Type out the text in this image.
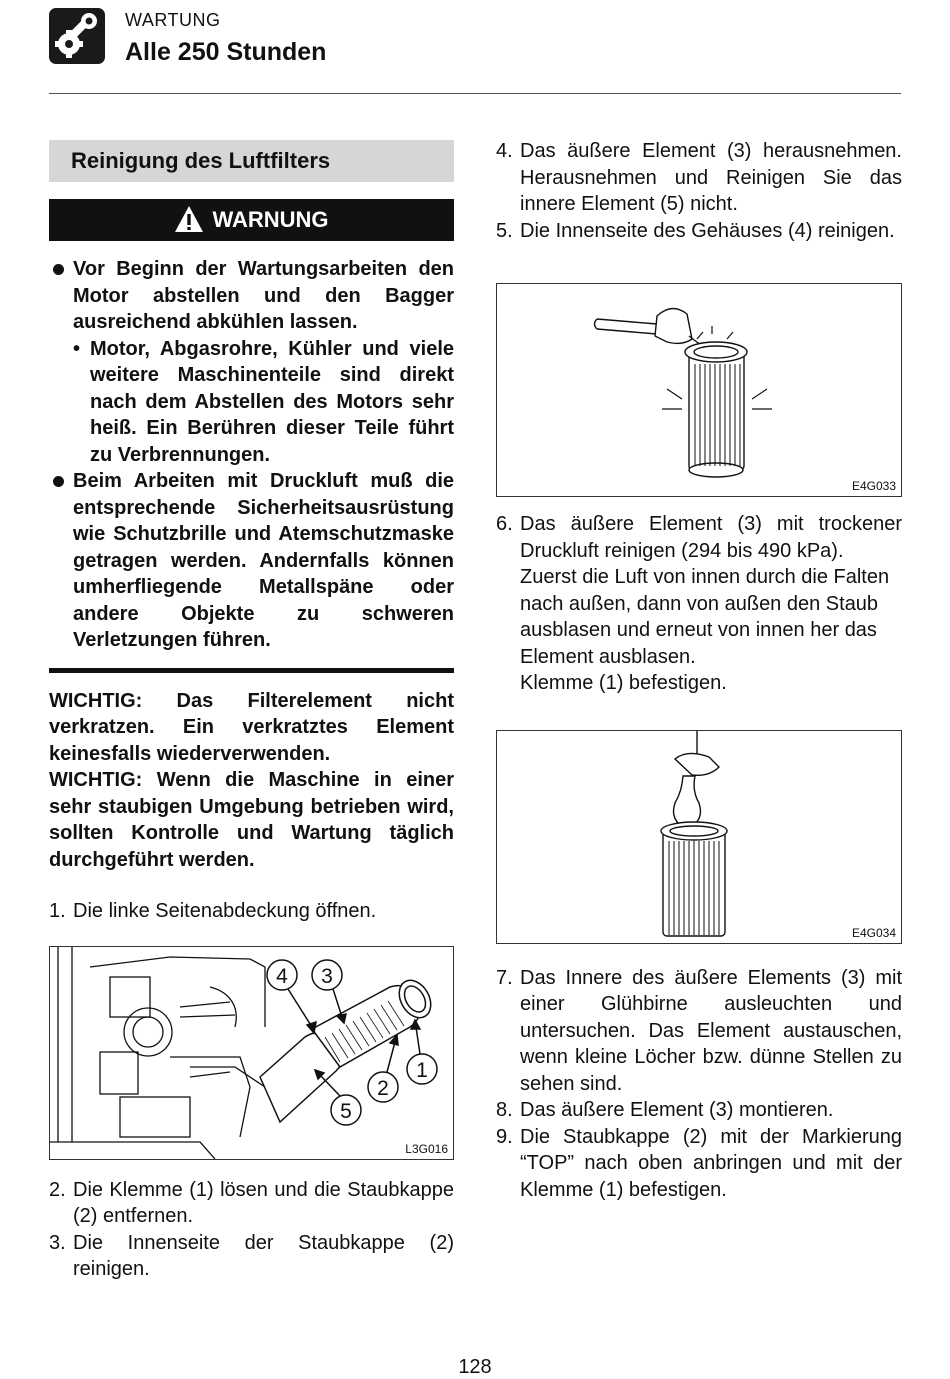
WARTUNG
Alle 250 Stunden
Reinigung des Luftfilters
WARNUNG
Vor Beginn der Wartungsarbeiten den Motor abstellen und den Bagger ausreichend abkühlen lassen.
• Motor, Abgasrohre, Kühler und viele weitere Maschinenteile sind direkt nach dem Abstellen des Motors sehr heiß. Ein Berühren dieser Teile führt zu Verbrennungen.
Beim Arbeiten mit Druckluft muß die entsprechende Sicherheitsausrüstung wie Schutzbrille und Atemschutzmaske getragen werden. Andernfalls können umherfliegende Metallspäne oder andere Objekte zu schweren Verletzungen führen.
WICHTIG: Das Filterelement nicht verkratzen. Ein verkratztes Element keinesfalls wiederverwenden.
WICHTIG: Wenn die Maschine in einer sehr staubigen Umgebung betrieben wird, sollten Kontrolle und Wartung täglich durchgeführt werden.
1. Die linke Seitenabdeckung öffnen.
4 3
2
1
5
L3G016
2. Die Klemme (1) lösen und die Staubkappe (2) entfernen.
3. Die Innenseite der Staubkappe (2) reinigen.
4. Das äußere Element (3) herausnehmen. Herausnehmen und Reinigen Sie das innere Element (5) nicht.
5. Die Innenseite des Gehäuses (4) reinigen.
E4G033
6. Das äußere Element (3) mit trockener Druckluft reinigen (294 bis 490 kPa).
Zuerst die Luft von innen durch die Falten nach außen, dann von außen den Staub ausblasen und erneut von innen her das Element ausblasen.
Klemme (1) befestigen.
E4G034
7. Das Innere des äußere Elements (3) mit einer Glühbirne ausleuchten und untersuchen. Das Element austauschen, wenn kleine Löcher bzw. dünne Stellen zu sehen sind.
8. Das äußere Element (3) montieren.
9. Die Staubkappe (2) mit der Markierung “TOP” nach oben anbringen und mit der Klemme (1) befestigen.
128
